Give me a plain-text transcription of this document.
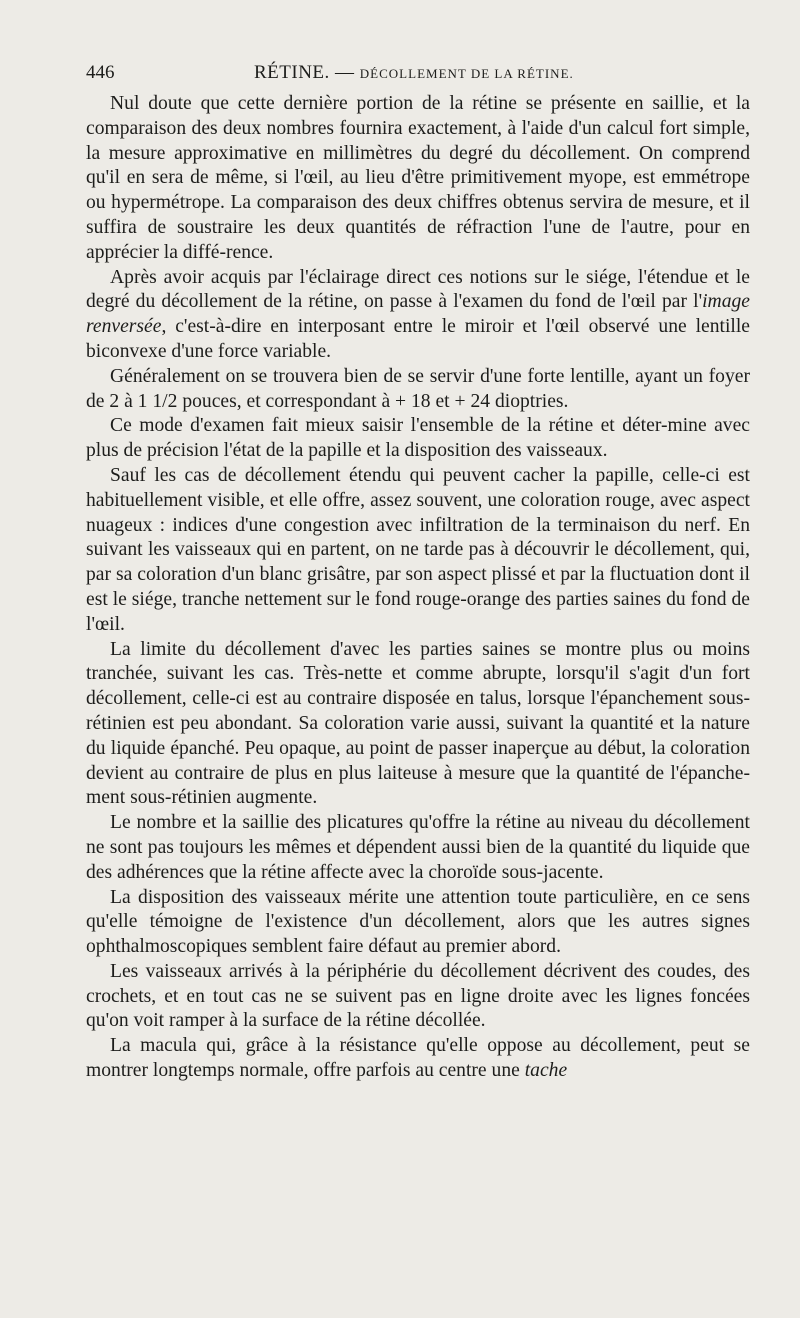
446	RÉTINE. — DÉCOLLEMENT DE LA RÉTINE.

Nul doute que cette dernière portion de la rétine se présente en saillie, et la comparaison des deux nombres fournira exactement, à l'aide d'un calcul fort simple, la mesure approximative en millimètres du degré du décollement. On comprend qu'il en sera de même, si l'œil, au lieu d'être primitivement myope, est emmétrope ou hypermétrope. La comparaison des deux chiffres obtenus servira de mesure, et il suffira de soustraire les deux quantités de réfraction l'une de l'autre, pour en apprécier la diffé-rence.

Après avoir acquis par l'éclairage direct ces notions sur le siége, l'étendue et le degré du décollement de la rétine, on passe à l'examen du fond de l'œil par l'image renversée, c'est-à-dire en interposant entre le miroir et l'œil observé une lentille biconvexe d'une force variable.

Généralement on se trouvera bien de se servir d'une forte lentille, ayant un foyer de 2 à 1 1/2 pouces, et correspondant à + 18 et + 24 dioptries.

Ce mode d'examen fait mieux saisir l'ensemble de la rétine et déter-mine avec plus de précision l'état de la papille et la disposition des vaisseaux.

Sauf les cas de décollement étendu qui peuvent cacher la papille, celle-ci est habituellement visible, et elle offre, assez souvent, une coloration rouge, avec aspect nuageux : indices d'une congestion avec infiltration de la terminaison du nerf. En suivant les vaisseaux qui en partent, on ne tarde pas à découvrir le décollement, qui, par sa coloration d'un blanc grisâtre, par son aspect plissé et par la fluctuation dont il est le siége, tranche nettement sur le fond rouge-orange des parties saines du fond de l'œil.

La limite du décollement d'avec les parties saines se montre plus ou moins tranchée, suivant les cas. Très-nette et comme abrupte, lorsqu'il s'agit d'un fort décollement, celle-ci est au contraire disposée en talus, lorsque l'épanchement sous-rétinien est peu abondant. Sa coloration varie aussi, suivant la quantité et la nature du liquide épanché. Peu opaque, au point de passer inaperçue au début, la coloration devient au contraire de plus en plus laiteuse à mesure que la quantité de l'épanche-ment sous-rétinien augmente.

Le nombre et la saillie des plicatures qu'offre la rétine au niveau du décollement ne sont pas toujours les mêmes et dépendent aussi bien de la quantité du liquide que des adhérences que la rétine affecte avec la choroïde sous-jacente.

La disposition des vaisseaux mérite une attention toute particulière, en ce sens qu'elle témoigne de l'existence d'un décollement, alors que les autres signes ophthalmoscopiques semblent faire défaut au premier abord.

Les vaisseaux arrivés à la périphérie du décollement décrivent des coudes, des crochets, et en tout cas ne se suivent pas en ligne droite avec les lignes foncées qu'on voit ramper à la surface de la rétine décollée.

La macula qui, grâce à la résistance qu'elle oppose au décollement, peut se montrer longtemps normale, offre parfois au centre une tache
